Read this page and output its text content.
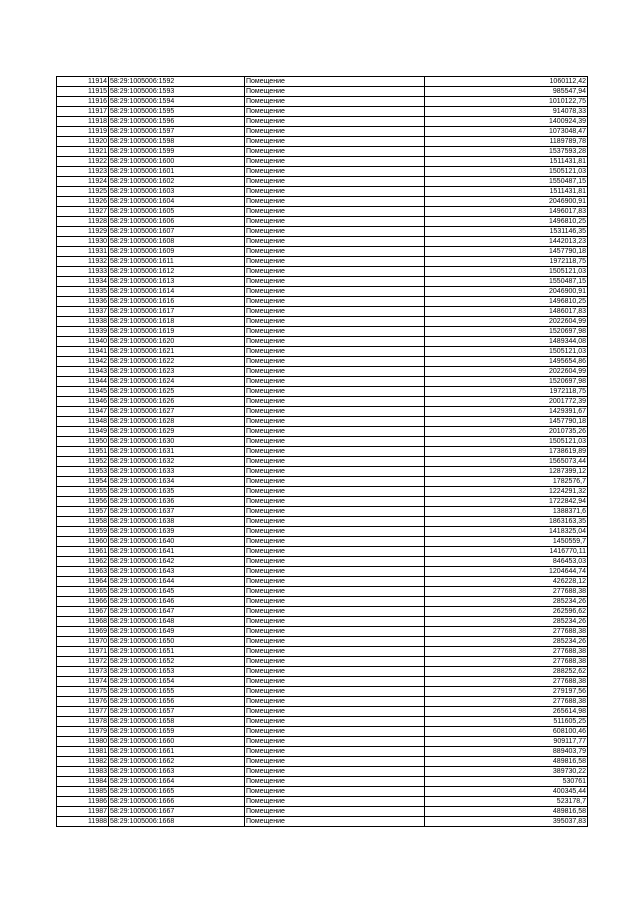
11914	58:29:1005006:1592	Помещение	1060112,42
11915	58:29:1005006:1593	Помещение	985547,94
11916	58:29:1005006:1594	Помещение	1010122,75
11917	58:29:1005006:1595	Помещение	914078,33
11918	58:29:1005006:1596	Помещение	1400924,39
11919	58:29:1005006:1597	Помещение	1073048,47
11920	58:29:1005006:1598	Помещение	1189789,78
11921	58:29:1005006:1599	Помещение	1537593,28
11922	58:29:1005006:1600	Помещение	1511431,81
11923	58:29:1005006:1601	Помещение	1505121,03
11924	58:29:1005006:1602	Помещение	1550487,15
11925	58:29:1005006:1603	Помещение	1511431,81
11926	58:29:1005006:1604	Помещение	2046900,91
11927	58:29:1005006:1605	Помещение	1496017,83
11928	58:29:1005006:1606	Помещение	1496810,25
11929	58:29:1005006:1607	Помещение	1531146,35
11930	58:29:1005006:1608	Помещение	1442013,23
11931	58:29:1005006:1609	Помещение	1457790,18
11932	58:29:1005006:1611	Помещение	1972118,75
11933	58:29:1005006:1612	Помещение	1505121,03
11934	58:29:1005006:1613	Помещение	1550487,15
11935	58:29:1005006:1614	Помещение	2046900,91
11936	58:29:1005006:1616	Помещение	1496810,25
11937	58:29:1005006:1617	Помещение	1486017,83
11938	58:29:1005006:1618	Помещение	2022604,99
11939	58:29:1005006:1619	Помещение	1520697,98
11940	58:29:1005006:1620	Помещение	1489344,08
11941	58:29:1005006:1621	Помещение	1505121,03
11942	58:29:1005006:1622	Помещение	1495654,86
11943	58:29:1005006:1623	Помещение	2022604,99
11944	58:29:1005006:1624	Помещение	1520697,98
11945	58:29:1005006:1625	Помещение	1972118,75
11946	58:29:1005006:1626	Помещение	2001772,39
11947	58:29:1005006:1627	Помещение	1429391,67
11948	58:29:1005006:1628	Помещение	1457790,18
11949	58:29:1005006:1629	Помещение	2010735,26
11950	58:29:1005006:1630	Помещение	1505121,03
11951	58:29:1005006:1631	Помещение	1738619,89
11952	58:29:1005006:1632	Помещение	1565073,44
11953	58:29:1005006:1633	Помещение	1287399,12
11954	58:29:1005006:1634	Помещение	1782576,7
11955	58:29:1005006:1635	Помещение	1224291,32
11956	58:29:1005006:1636	Помещение	1722842,94
11957	58:29:1005006:1637	Помещение	1388371,6
11958	58:29:1005006:1638	Помещение	1863163,35
11959	58:29:1005006:1639	Помещение	1418325,04
11960	58:29:1005006:1640	Помещение	1450559,7
11961	58:29:1005006:1641	Помещение	1416770,11
11962	58:29:1005006:1642	Помещение	846453,03
11963	58:29:1005006:1643	Помещение	1204644,74
11964	58:29:1005006:1644	Помещение	426228,12
11965	58:29:1005006:1645	Помещение	277688,38
11966	58:29:1005006:1646	Помещение	285234,26
11967	58:29:1005006:1647	Помещение	262596,62
11968	58:29:1005006:1648	Помещение	285234,26
11969	58:29:1005006:1649	Помещение	277688,38
11970	58:29:1005006:1650	Помещение	285234,26
11971	58:29:1005006:1651	Помещение	277688,38
11972	58:29:1005006:1652	Помещение	277688,38
11973	58:29:1005006:1653	Помещение	288252,62
11974	58:29:1005006:1654	Помещение	277688,38
11975	58:29:1005006:1655	Помещение	279197,56
11976	58:29:1005006:1656	Помещение	277688,38
11977	58:29:1005006:1657	Помещение	265614,98
11978	58:29:1005006:1658	Помещение	511605,25
11979	58:29:1005006:1659	Помещение	608100,46
11980	58:29:1005006:1660	Помещение	909117,77
11981	58:29:1005006:1661	Помещение	889403,79
11982	58:29:1005006:1662	Помещение	489816,58
11983	58:29:1005006:1663	Помещение	389730,22
11984	58:29:1005006:1664	Помещение	530761
11985	58:29:1005006:1665	Помещение	400345,44
11986	58:29:1005006:1666	Помещение	523178,7
11987	58:29:1005006:1667	Помещение	489816,58
11988	58:29:1005006:1668	Помещение	395037,83
